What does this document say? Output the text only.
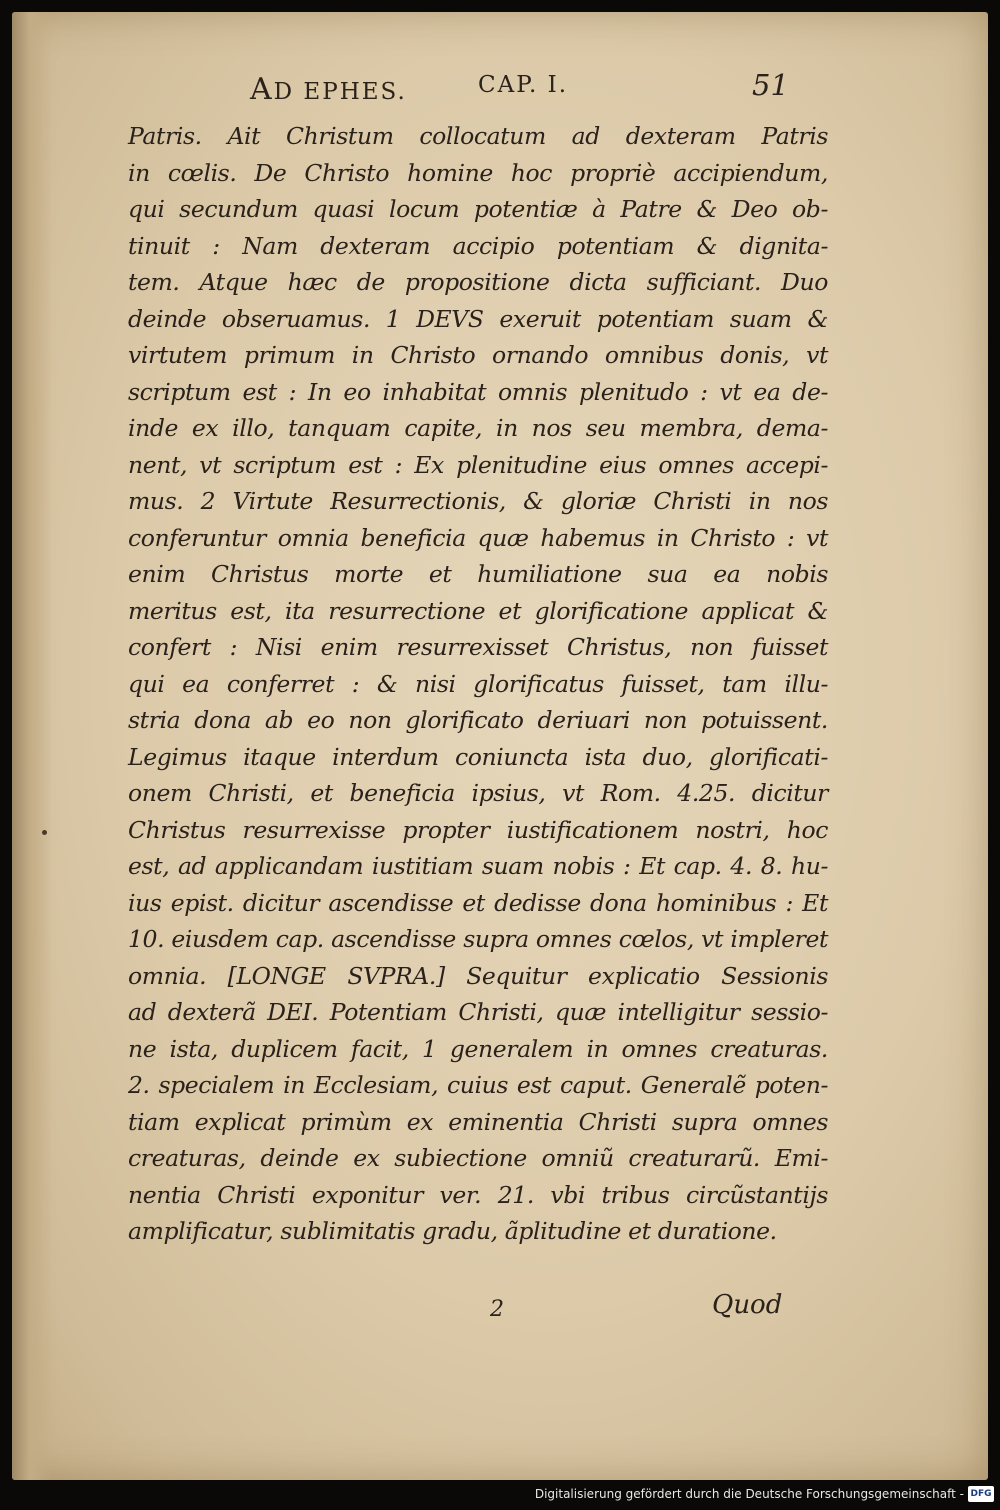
AD EPHES.	CAP. I.	51
Patris. Ait Christum collocatum ad dexteram Patris
in cœlis. De Christo homine hoc propriè accipiendum,
qui secundum quasi locum potentiæ à Patre & Deo ob-
tinuit : Nam dexteram accipio potentiam & dignita-
tem. Atque hæc de propositione dicta sufficiant. Duo
deinde obseruamus. 1 DEVS exeruit potentiam suam &
virtutem primum in Christo ornando omnibus donis, vt
scriptum est : In eo inhabitat omnis plenitudo : vt ea de-
inde ex illo, tanquam capite, in nos seu membra, dema-
nent, vt scriptum est : Ex plenitudine eius omnes accepi-
mus. 2 Virtute Resurrectionis, & gloriæ Christi in nos
conferuntur omnia beneficia quæ habemus in Christo : vt
enim Christus morte et humiliatione sua ea nobis
meritus est, ita resurrectione et glorificatione applicat &
confert : Nisi enim resurrexisset Christus, non fuisset
qui ea conferret : & nisi glorificatus fuisset, tam illu-
stria dona ab eo non glorificato deriuari non potuissent.
Legimus itaque interdum coniuncta ista duo, glorificati-
onem Christi, et beneficia ipsius, vt Rom. 4.25. dicitur
Christus resurrexisse propter iustificationem nostri, hoc
est, ad applicandam iustitiam suam nobis : Et cap. 4. 8. hu-
ius epist. dicitur ascendisse et dedisse dona hominibus : Et
10. eiusdem cap. ascendisse supra omnes cœlos, vt impleret
omnia. [LONGE SVPRA.] Sequitur explicatio Sessionis
ad dexterã DEI. Potentiam Christi, quæ intelligitur sessio-
ne ista, duplicem facit, 1 generalem in omnes creaturas.
2. specialem in Ecclesiam, cuius est caput. Generalẽ poten-
tiam explicat primùm ex eminentia Christi supra omnes
creaturas, deinde ex subiectione omniũ creaturarũ. Emi-
nentia Christi exponitur ver. 21. vbi tribus circũstantijs
amplificatur, sublimitatis gradu, ãplitudine et duratione.
2	Quod
Digitalisierung gefördert durch die Deutsche Forschungsgemeinschaft - DFG
